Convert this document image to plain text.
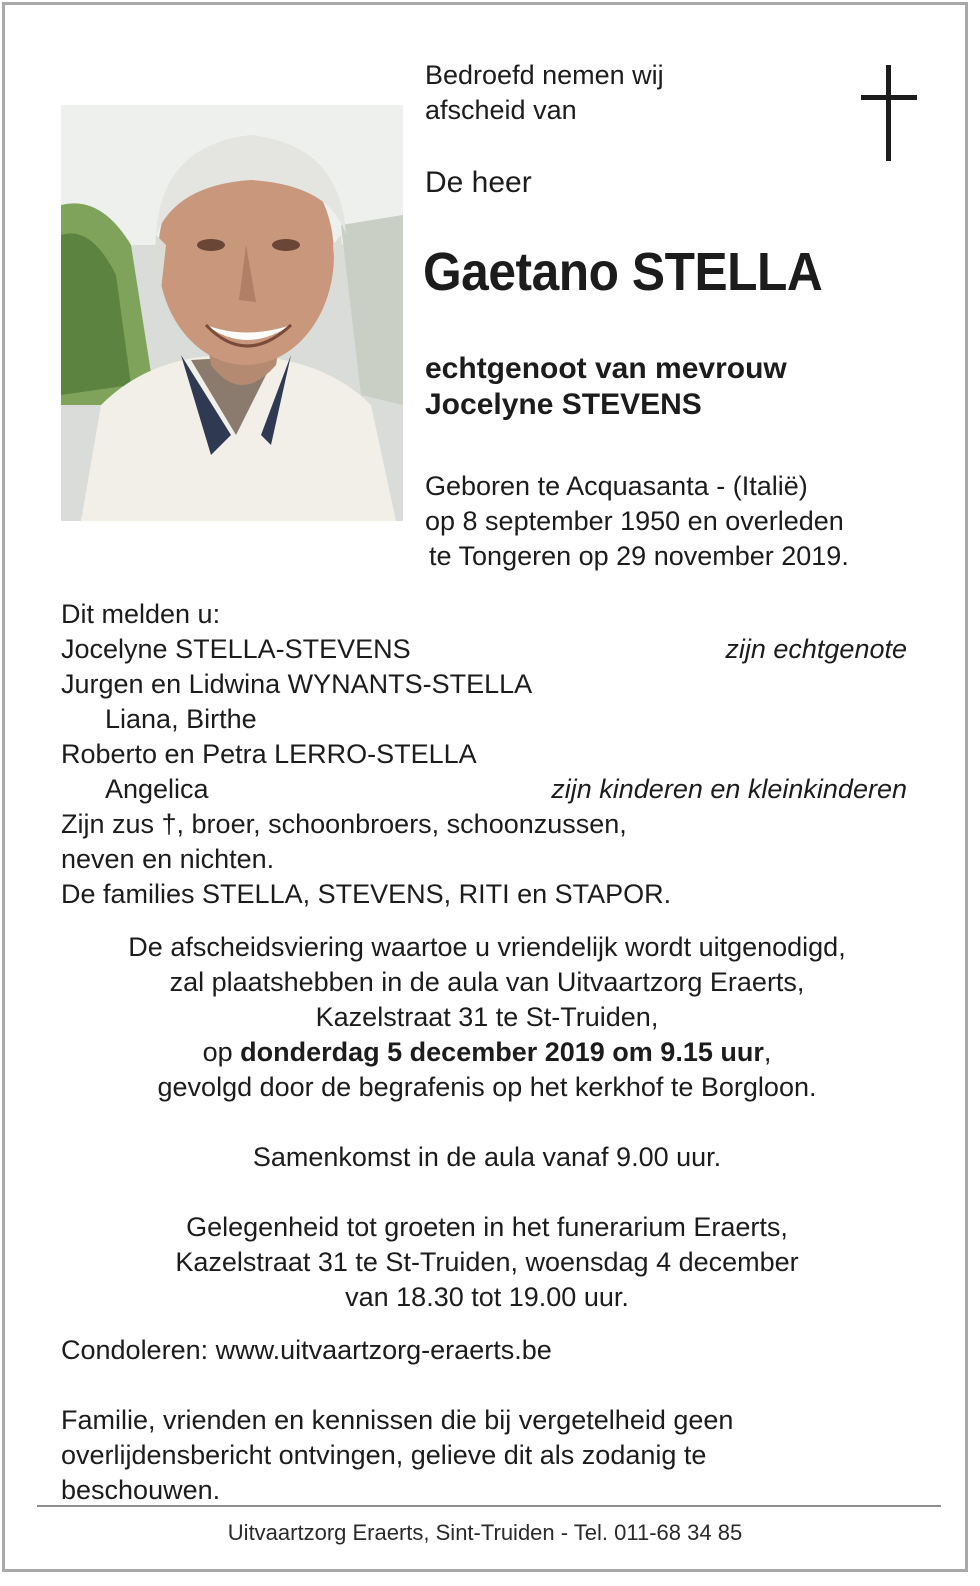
Bedroefd nemen wij
afscheid van
De heer
Gaetano STELLA
echtgenoot van mevrouw
Jocelyne STEVENS
Geboren te Acquasanta - (Italië)
op 8 september 1950 en overleden
te Tongeren op 29 november 2019.
Dit melden u:
Jocelyne STELLA-STEVENS	zijn echtgenote
Jurgen en Lidwina WYNANTS-STELLA
Liana, Birthe
Roberto en Petra LERRO-STELLA
Angelica	zijn kinderen en kleinkinderen
Zijn zus †, broer, schoonbroers, schoonzussen,
neven en nichten.
De families STELLA, STEVENS, RITI en STAPOR.
De afscheidsviering waartoe u vriendelijk wordt uitgenodigd,
zal plaatshebben in de aula van Uitvaartzorg Eraerts,
Kazelstraat 31 te St-Truiden,
op donderdag 5 december 2019 om 9.15 uur,
gevolgd door de begrafenis op het kerkhof te Borgloon.
Samenkomst in de aula vanaf 9.00 uur.
Gelegenheid tot groeten in het funerarium Eraerts,
Kazelstraat 31 te St-Truiden, woensdag 4 december
van 18.30 tot 19.00 uur.
Condoleren: www.uitvaartzorg-eraerts.be
Familie, vrienden en kennissen die bij vergetelheid geen
overlijdensbericht ontvingen, gelieve dit als zodanig te
beschouwen.
Uitvaartzorg Eraerts, Sint-Truiden - Tel. 011-68 34 85
